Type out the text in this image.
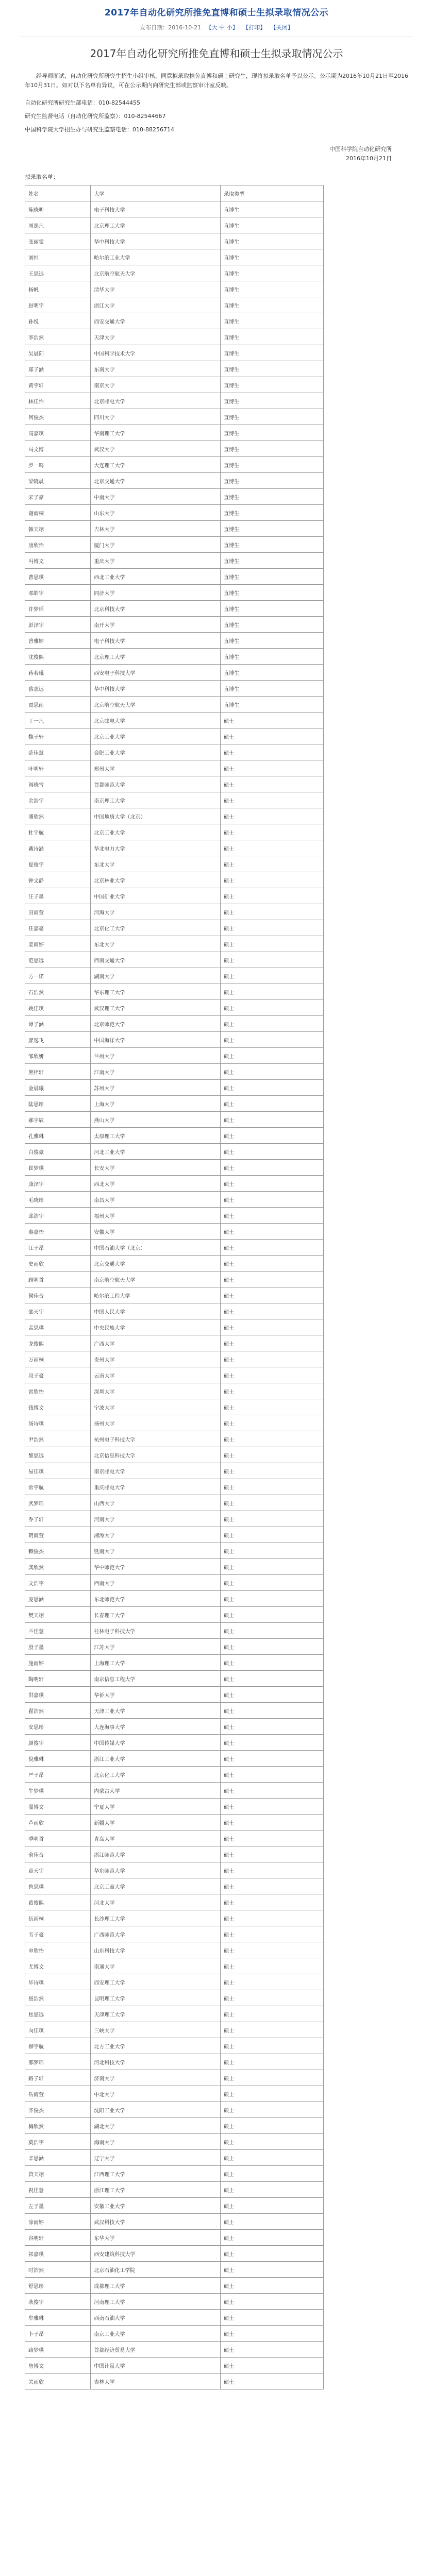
2017年自动化研究所推免直博和硕士生拟录取情况公示
发布日期：2016-10-21 【大 中 小】 【打印】 【关闭】
2017年自动化研究所推免直博和硕士生拟录取情况公示

经导师面试，自动化研究所研究生招生小组审核，同意拟录取推免直博和硕士研究生，现将拟录取名单予以公示。公示期为2016年10月21日至2016年10月31日。如对以下名单有异议，可在公示期内向研究生部或监察审计室反映。

自动化研究所研究生部电话：010-82544455
研究生监督电话（自动化研究所监察）：010-82544667
中国科学院大学招生办与研究生监察电话：010-88256714
中国科学院自动化研究所
2016年10月21日
拟录取名单：
姓名	大学	录取类型
陈晓明	电子科技大学	直博生
周逸凡	北京理工大学	直博生
张丽雯	华中科技大学	直博生
刘恒	哈尔滨工业大学	直博生
王思远	北京航空航天大学	直博生
杨帆	清华大学	直博生
赵明宇	浙江大学	直博生
孙悦	西安交通大学	直博生
李浩然	天津大学	直博生
吴晨阳	中国科学技术大学	直博生
郑子涵	东南大学	直博生
黄宇轩	南京大学	直博生
林佳怡	北京邮电大学	直博生
何俊杰	四川大学	直博生
高嘉琪	华南理工大学	直博生
马文博	武汉大学	直博生
罗一鸣	大连理工大学	直博生
梁晓晨	北京交通大学	直博生
宋子豪	中南大学	直博生
谢雨桐	山东大学	直博生
韩天翊	吉林大学	直博生
唐欣怡	厦门大学	直博生
冯博文	重庆大学	直博生
曹思琪	西北工业大学	直博生
邓皓宇	同济大学	直博生
许梦瑶	北京科技大学	直博生
彭泽宇	南开大学	直博生
曾雅婷	电子科技大学	直博生
沈俊熙	北京理工大学	直博生
蒋若曦	西安电子科技大学	直博生
蔡志远	华中科技大学	直博生
贾思雨	北京航空航天大学	直博生
丁一凡	北京邮电大学	硕士
魏子轩	北京工业大学	硕士
薛佳慧	合肥工业大学	硕士
叶明轩	郑州大学	硕士
阎晓雪	首都师范大学	硕士
余浩宇	南京理工大学	硕士
潘欣然	中国地质大学（北京）	硕士
杜宇航	北京工业大学	硕士
戴诗涵	华北电力大学	硕士
夏俊宇	东北大学	硕士
钟文静	北京林业大学	硕士
汪子墨	中国矿业大学	硕士
田雨萱	河海大学	硕士
任嘉豪	北京化工大学	硕士
姜雨婷	东北大学	硕士
范思远	西南交通大学	硕士
方一诺	湖南大学	硕士
石浩然	华东理工大学	硕士
姚佳琪	武汉理工大学	硕士
谭子涵	北京师范大学	硕士
廖逸飞	中国海洋大学	硕士
邹欣妍	兰州大学	硕士
熊梓轩	江南大学	硕士
金晨曦	苏州大学	硕士
陆思彤	上海大学	硕士
郝宇辰	燕山大学	硕士
孔雅琳	太原理工大学	硕士
白俊豪	河北工业大学	硕士
崔梦琪	长安大学	硕士
康泽宇	西北大学	硕士
毛晓彤	南昌大学	硕士
邱浩宇	福州大学	硕士
秦嘉怡	安徽大学	硕士
江子昂	中国石油大学（北京）	硕士
史雨欣	北京交通大学	硕士
顾明哲	南京航空航天大学	硕士
侯佳音	哈尔滨工程大学	硕士
邵天宇	中国人民大学	硕士
孟思琪	中央民族大学	硕士
龙俊熙	广西大学	硕士
万雨桐	贵州大学	硕士
段子豪	云南大学	硕士
雷欣怡	深圳大学	硕士
钱博文	宁波大学	硕士
汤诗琪	扬州大学	硕士
尹浩然	杭州电子科技大学	硕士
黎思远	北京信息科技大学	硕士
易佳琪	南京邮电大学	硕士
常宇航	重庆邮电大学	硕士
武梦瑶	山西大学	硕士
乔子轩	河南大学	硕士
贺雨萱	湘潭大学	硕士
赖俊杰	暨南大学	硕士
龚欣然	华中师范大学	硕士
文浩宇	西南大学	硕士
庞思涵	东北师范大学	硕士
樊天翊	长春理工大学	硕士
兰佳慧	桂林电子科技大学	硕士
殷子墨	江苏大学	硕士
施雨婷	上海理工大学	硕士
陶明轩	南京信息工程大学	硕士
洪嘉琪	华侨大学	硕士
翟浩然	天津工业大学	硕士
安思彤	大连海事大学	硕士
颜俊宇	中国传媒大学	硕士
倪雅琳	浙江工业大学	硕士
严子昂	北京化工大学	硕士
牛梦琪	内蒙古大学	硕士
温博文	宁夏大学	硕士
芦雨欣	新疆大学	硕士
季明哲	青岛大学	硕士
俞佳音	浙江师范大学	硕士
章天宇	华东师范大学	硕士
鲁思琪	北京工商大学	硕士
葛俊熙	河北大学	硕士
伍雨桐	长沙理工大学	硕士
韦子豪	广西师范大学	硕士
申欣怡	山东科技大学	硕士
尤博文	南通大学	硕士
毕诗琪	西安理工大学	硕士
聂浩然	昆明理工大学	硕士
焦思远	天津理工大学	硕士
向佳琪	三峡大学	硕士
柳宇航	北方工业大学	硕士
邢梦瑶	河北科技大学	硕士
路子轩	济南大学	硕士
岳雨萱	中北大学	硕士
齐俊杰	沈阳工业大学	硕士
梅欣然	湖北大学	硕士
莫浩宇	海南大学	硕士
辛思涵	辽宁大学	硕士
管天翊	江西理工大学	硕士
祝佳慧	浙江理工大学	硕士
左子墨	安徽工业大学	硕士
涂雨婷	武汉科技大学	硕士
谷明轩	东华大学	硕士
祁嘉琪	西安建筑科技大学	硕士
时浩然	北京石油化工学院	硕士
舒思彤	成都理工大学	硕士
耿俊宇	河南理工大学	硕士
牟雅琳	西南石油大学	硕士
卜子昂	南京工业大学	硕士
路梦琪	首都经济贸易大学	硕士
詹博文	中国计量大学	硕士
关雨欣	吉林大学	硕士
